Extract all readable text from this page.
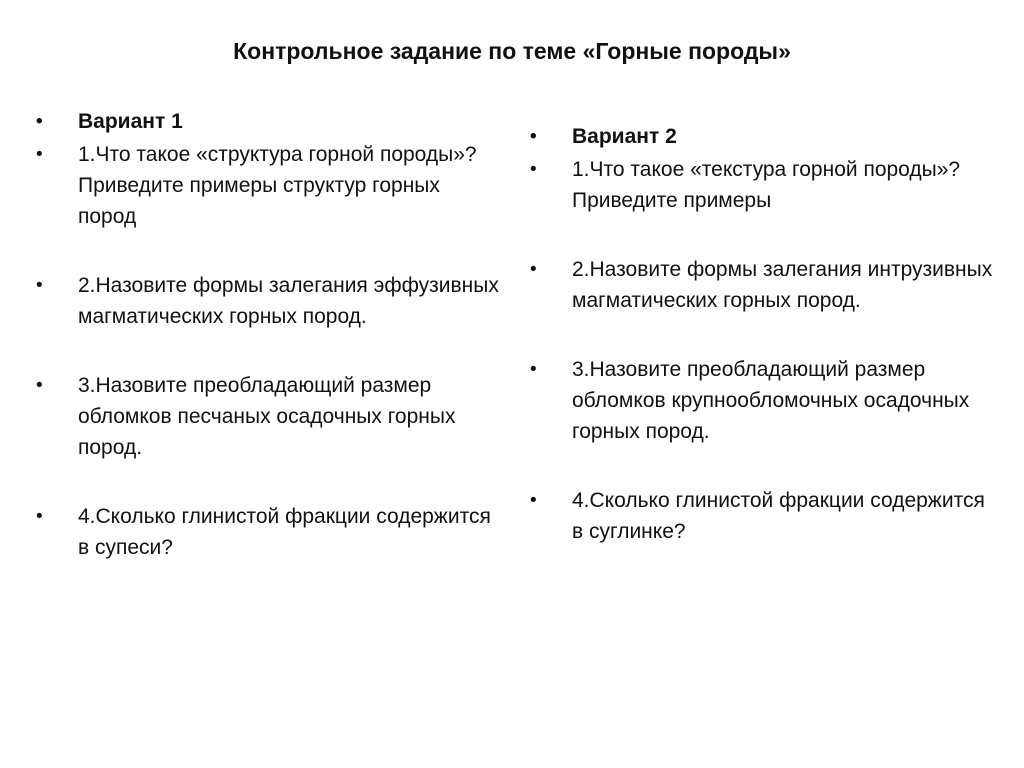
Контрольное задание по теме «Горные породы»
• Вариант 1
• 1.Что такое «структура горной породы»? Приведите примеры структур горных пород
• 2.Назовите формы залегания эффузивных магматических горных пород.
• 3.Назовите преобладающий размер обломков песчаных осадочных горных пород.
• 4.Сколько глинистой фракции содержится в супеси?
• Вариант 2
• 1.Что такое «текстура горной породы»? Приведите примеры
• 2.Назовите формы залегания интрузивных магматических горных пород.
• 3.Назовите преобладающий размер обломков крупнообломочных осадочных горных пород.
• 4.Сколько глинистой фракции содержится в суглинке?
